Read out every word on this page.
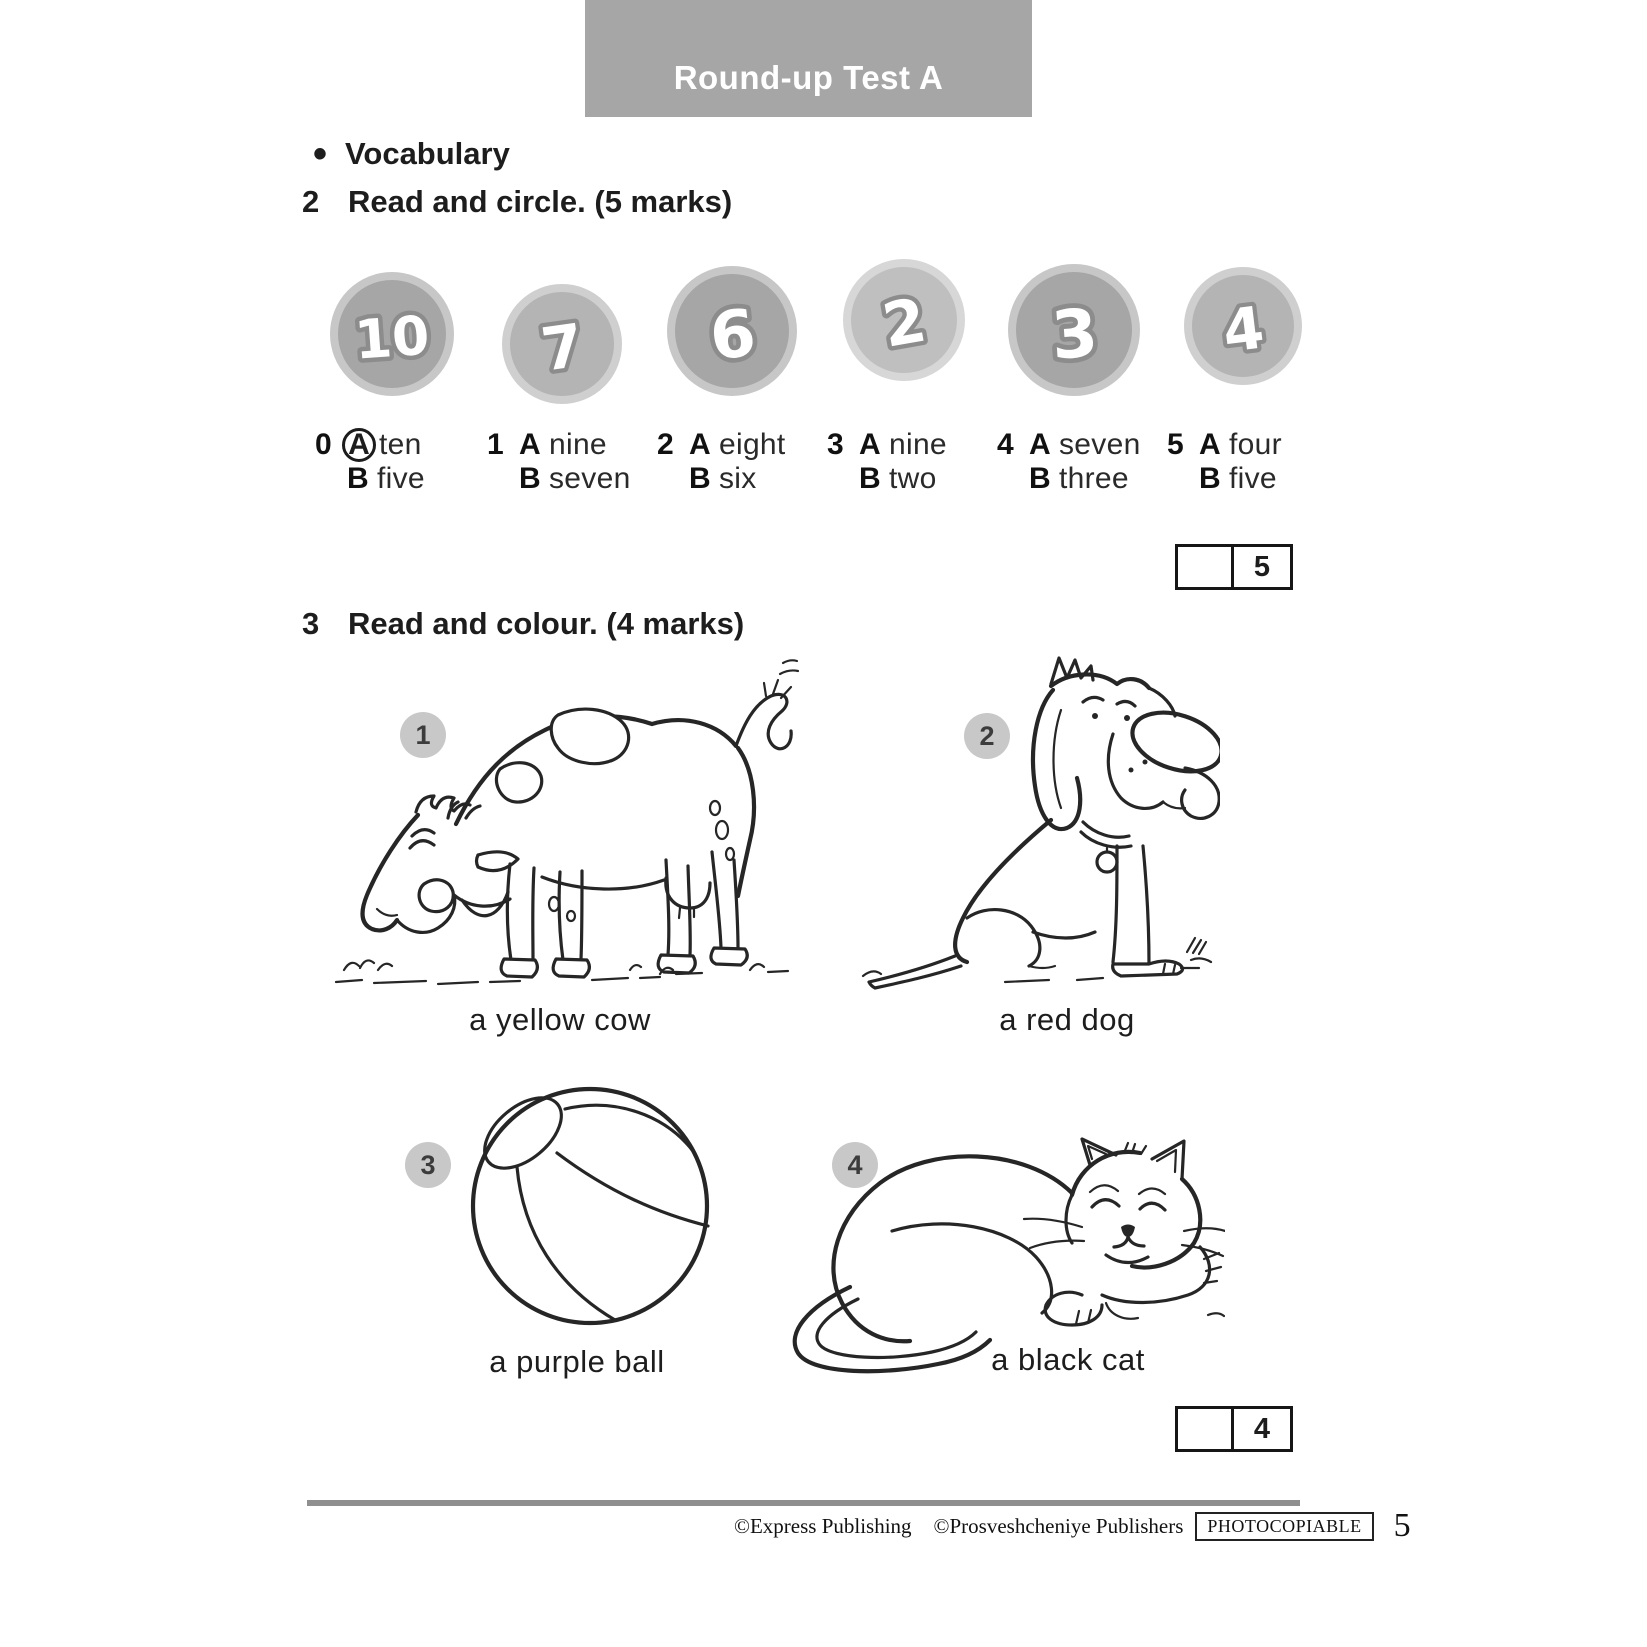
Round-up Test A
• Vocabulary
2 Read and circle. (5 marks)
10 7 6 2 3 4
0 A ten
B five
1 A nine
B seven
2 A eight
B six
3 A nine
B two
4 A seven
B three
5 A four
B five
5
3 Read and colour. (4 marks)
1	2
3	4
a yellow cow	a red dog
a purple ball	a black cat
4
©Express Publishing ©Prosveshcheniye Publishers	PHOTOCOPIABLE 5
